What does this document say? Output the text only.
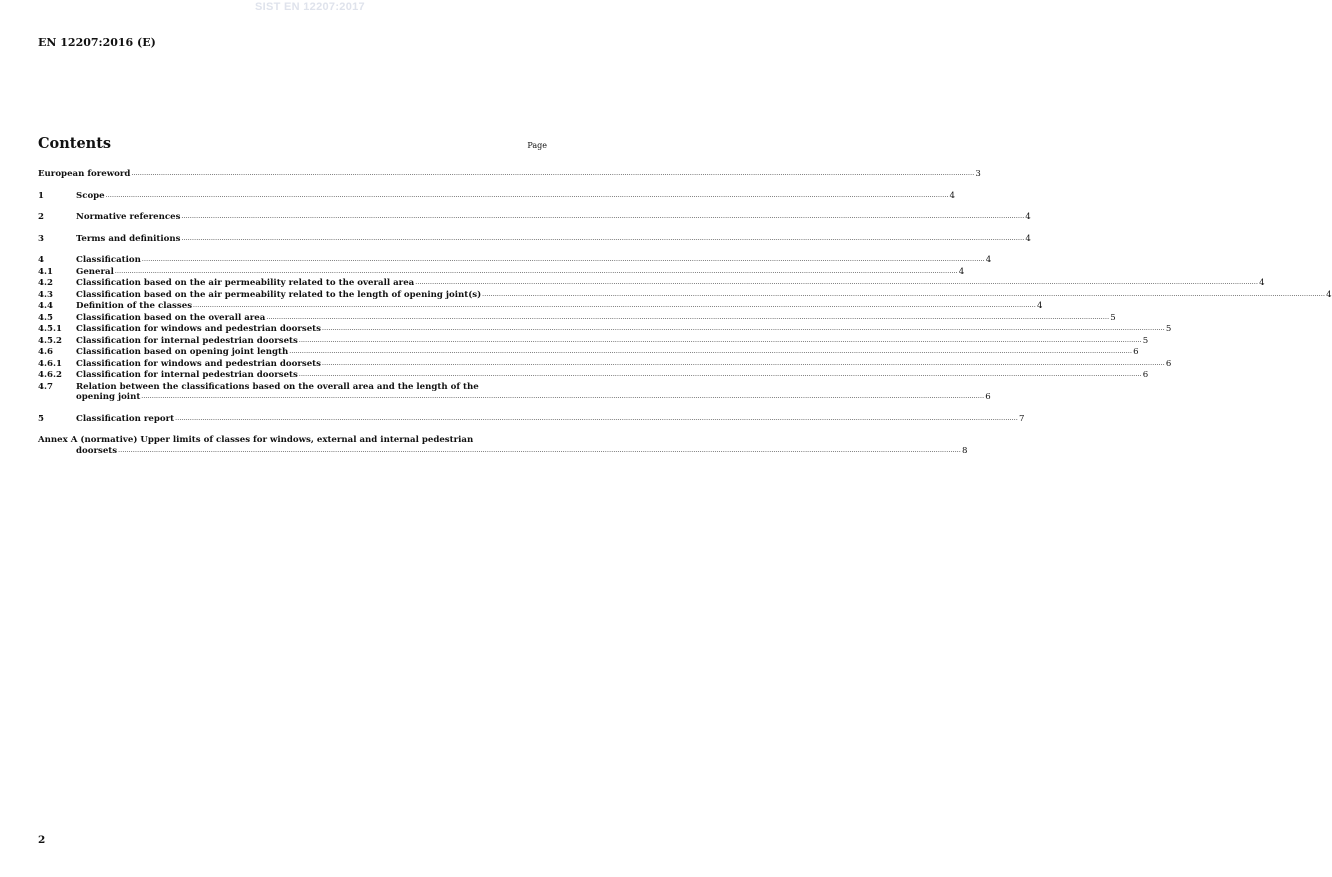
SIST EN 12207:2017
EN 12207:2016 (E)
Contents	Page
European foreword ................................................................................................................................................................................................................................................................................................................................................................................................................ 3
1	Scope ................................................................................................................................................................................................................................................................................................................................................................................................................ 4
2	Normative references ................................................................................................................................................................................................................................................................................................................................................................................................................ 4
3	Terms and definitions ................................................................................................................................................................................................................................................................................................................................................................................................................ 4
4	Classification ................................................................................................................................................................................................................................................................................................................................................................................................................ 4
4.1	General ................................................................................................................................................................................................................................................................................................................................................................................................................ 4
4.2	Classification based on the air permeability related to the overall area ................................................................................................................................................................................................................................................................................................................................................................................................................ 4
4.3	Classification based on the air permeability related to the length of opening joint(s) ................................................................................................................................................................................................................................................................................................................................................................................................................ 4
4.4	Definition of the classes ................................................................................................................................................................................................................................................................................................................................................................................................................ 4
4.5	Classification based on the overall area ................................................................................................................................................................................................................................................................................................................................................................................................................ 5
4.5.1	Classification for windows and pedestrian doorsets ................................................................................................................................................................................................................................................................................................................................................................................................................ 5
4.5.2	Classification for internal pedestrian doorsets ................................................................................................................................................................................................................................................................................................................................................................................................................ 5
4.6	Classification based on opening joint length ................................................................................................................................................................................................................................................................................................................................................................................................................ 6
4.6.1	Classification for windows and pedestrian doorsets ................................................................................................................................................................................................................................................................................................................................................................................................................ 6
4.6.2	Classification for internal pedestrian doorsets ................................................................................................................................................................................................................................................................................................................................................................................................................ 6
4.7	Relation between the classifications based on the overall area and the length of the
opening joint ................................................................................................................................................................................................................................................................................................................................................................................................................ 6
5	Classification report ................................................................................................................................................................................................................................................................................................................................................................................................................ 7
Annex A (normative) Upper limits of classes for windows, external and internal pedestrian
doorsets ................................................................................................................................................................................................................................................................................................................................................................................................................ 8
2
